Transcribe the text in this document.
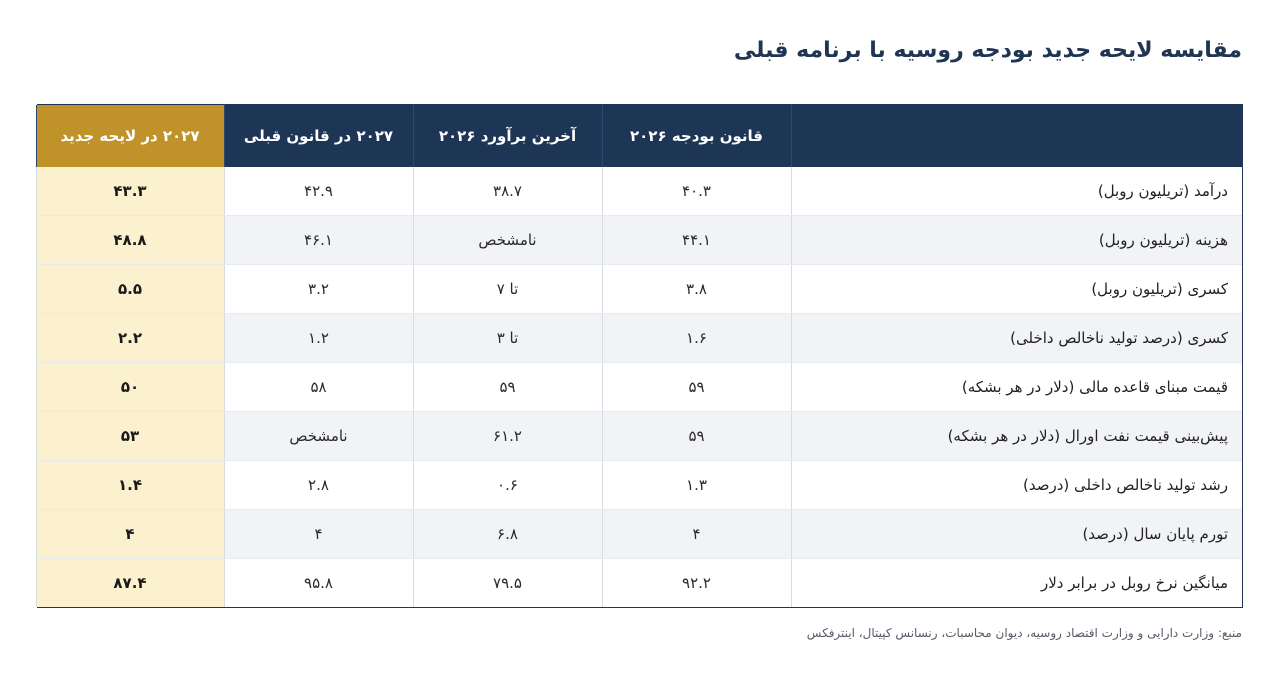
مقایسه لایحه جدید بودجه روسیه با برنامه قبلی
	قانون بودجه ۲۰۲۶	آخرین برآورد ۲۰۲۶	۲۰۲۷ در قانون قبلی	۲۰۲۷ در لایحه جدید
درآمد (تریلیون روبل)	۴۰.۳	۳۸.۷	۴۲.۹	۴۳.۳
هزینه (تریلیون روبل)	۴۴.۱	نامشخص	۴۶.۱	۴۸.۸
کسری (تریلیون روبل)	۳.۸	تا ۷	۳.۲	۵.۵
کسری (درصد تولید ناخالص داخلی)	۱.۶	تا ۳	۱.۲	۲.۲
قیمت مبنای قاعده مالی (دلار در هر بشکه)	۵۹	۵۹	۵۸	۵۰
پیش‌بینی قیمت نفت اورال (دلار در هر بشکه)	۵۹	۶۱.۲	نامشخص	۵۳
رشد تولید ناخالص داخلی (درصد)	۱.۳	۰.۶	۲.۸	۱.۴
تورم پایان سال (درصد)	۴	۶.۸	۴	۴
میانگین نرخ روبل در برابر دلار	۹۲.۲	۷۹.۵	۹۵.۸	۸۷.۴

منبع: وزارت دارایی و وزارت اقتصاد روسیه، دیوان محاسبات، رنسانس کپیتال، اینترفکس
